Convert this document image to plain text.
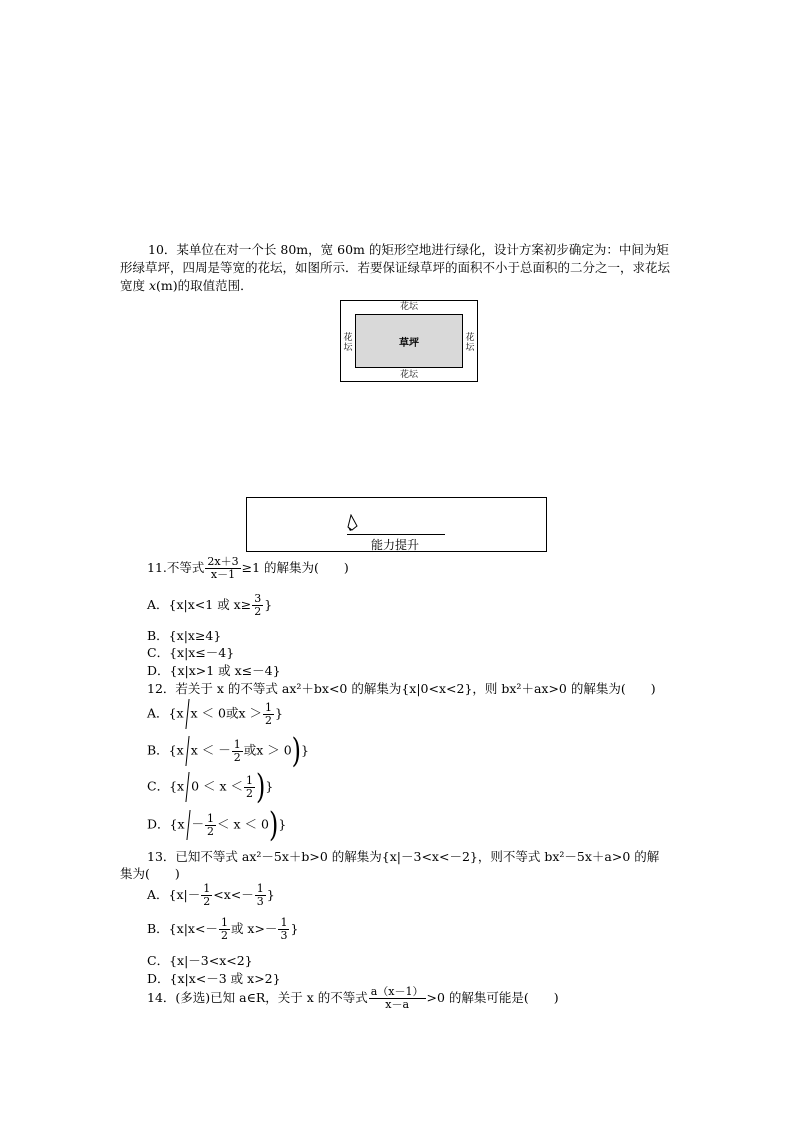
10．某单位在对一个长 80m，宽 60m 的矩形空地进行绿化，设计方案初步确定为：中间为矩形绿草坪，四周是等宽的花坛，如图所示．若要保证绿草坪的面积不小于总面积的二分之一，求花坛宽度 x(m)的取值范围．
花坛
花坛
花
坛
花
坛
草坪
能力提升
11.不等式 $\frac{2x+3}{x-1} \ge 1$ 的解集为(　　)
A．{x|x<1 或 $x\ge \frac{3}{2}$ }
B．{x|x≥4}
C．{x|x≤－4}
D．{x|x>1 或 x≤－4}
12．若关于 x 的不等式 ax²＋bx<0 的解集为{x|0<x<2}，则 bx²＋ax>0 的解集为(　　)
A．{x x ＜ 0或$x > \frac{1}{2}$ }
B．{x x ＜ － $\frac{1}{2}$ 或x ＞ 0)}
C．{x $0 < x < \frac{1}{2}$ )}
D．$\{x - \frac{1}{2} < x < 0)$}
13．已知不等式 ax²－5x＋b>0 的解集为{x|－3<x<－2}，则不等式 bx²－5x＋a>0 的解
集为(　　)
A．{$x|- \frac{1}{2} <x<- \frac{1}{3}$ }
B．{$x|x<- \frac{1}{2}$ 或 $x>- \frac{1}{3}$ }
C．{x|－3<x<2}
D．{x|x<－3 或 x>2}
14．(多选)已知 a∈R，关于 x 的不等式 $\frac{a(x-1)}{x-a} >0$ 的解集可能是(　　)
